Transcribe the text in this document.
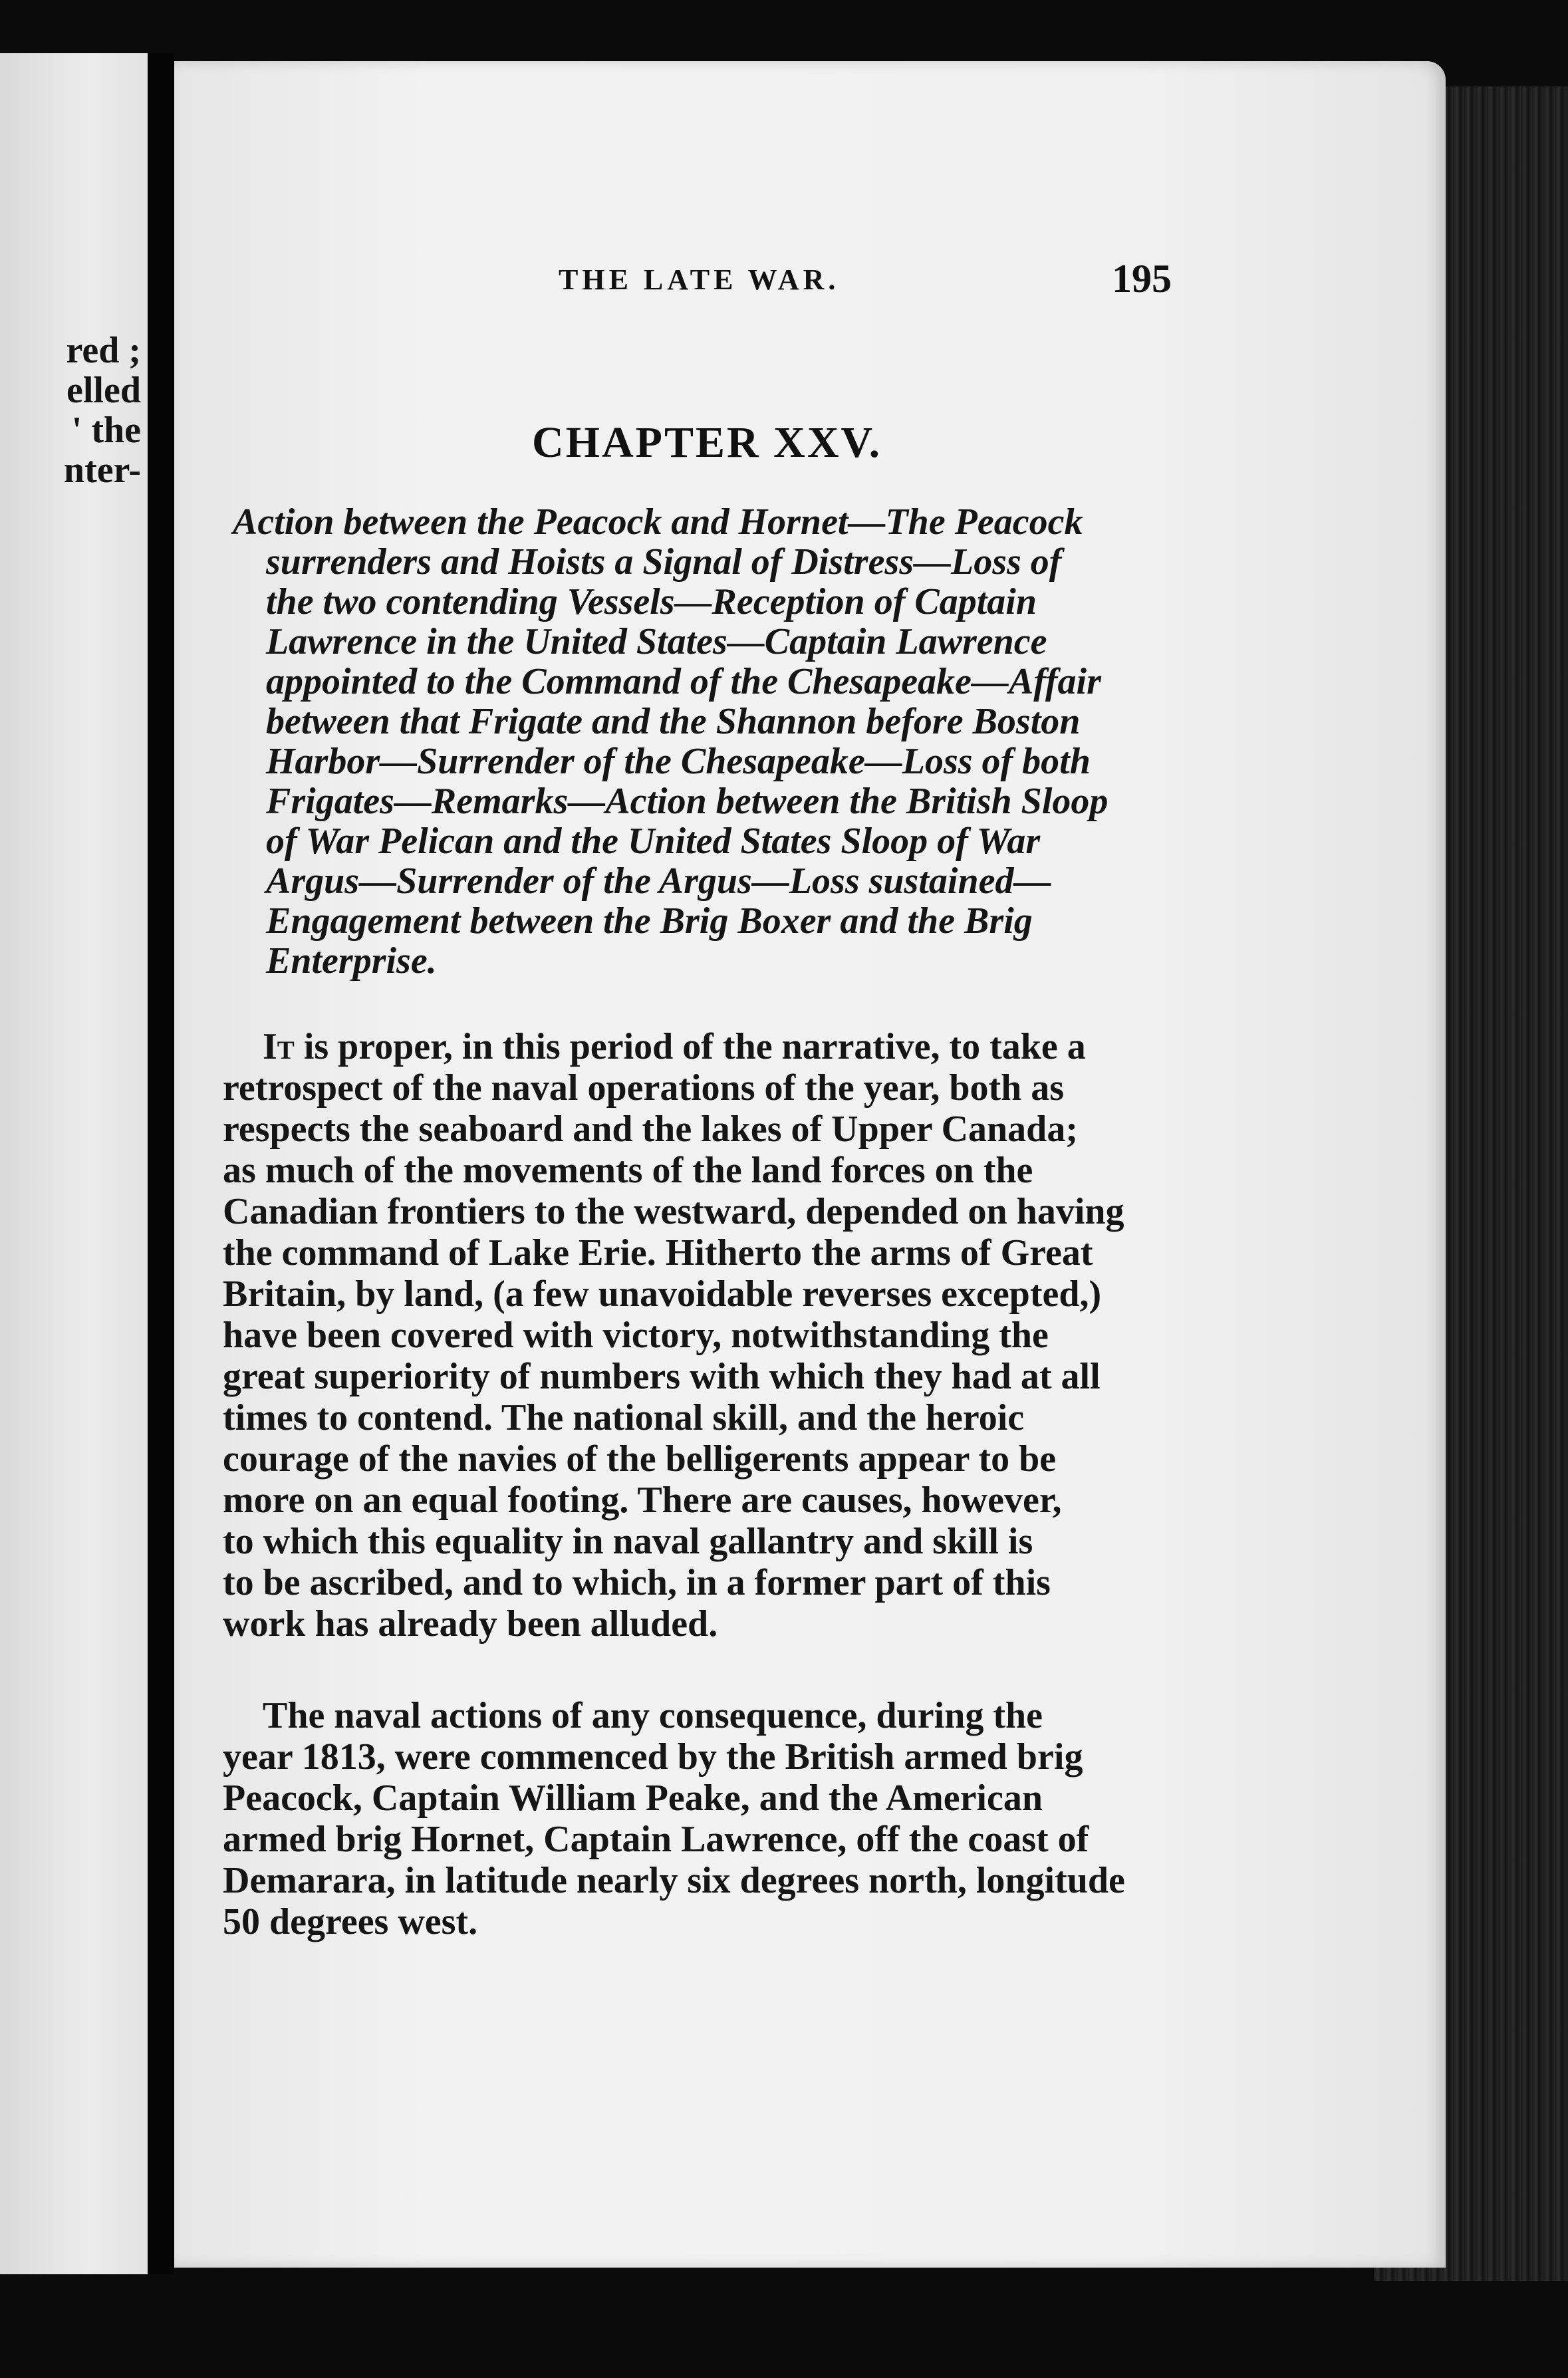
red ;
elled
' the
nter-
THE LATE WAR.	195
CHAPTER XXV.
Action between the Peacock and Hornet—The Peacock
surrenders and Hoists a Signal of Distress—Loss of
the two contending Vessels—Reception of Captain
Lawrence in the United States—Captain Lawrence
appointed to the Command of the Chesapeake—Affair
between that Frigate and the Shannon before Boston
Harbor—Surrender of the Chesapeake—Loss of both
Frigates—Remarks—Action between the British Sloop
of War Pelican and the United States Sloop of War
Argus—Surrender of the Argus—Loss sustained—
Engagement between the Brig Boxer and the Brig
Enterprise.
It is proper, in this period of the narrative, to take a
retrospect of the naval operations of the year, both as
respects the seaboard and the lakes of Upper Canada;
as much of the movements of the land forces on the
Canadian frontiers to the westward, depended on having
the command of Lake Erie. Hitherto the arms of Great
Britain, by land, (a few unavoidable reverses excepted,)
have been covered with victory, notwithstanding the
great superiority of numbers with which they had at all
times to contend. The national skill, and the heroic
courage of the navies of the belligerents appear to be
more on an equal footing. There are causes, however,
to which this equality in naval gallantry and skill is
to be ascribed, and to which, in a former part of this
work has already been alluded.
The naval actions of any consequence, during the
year 1813, were commenced by the British armed brig
Peacock, Captain William Peake, and the American
armed brig Hornet, Captain Lawrence, off the coast of
Demarara, in latitude nearly six degrees north, longitude
50 degrees west.
